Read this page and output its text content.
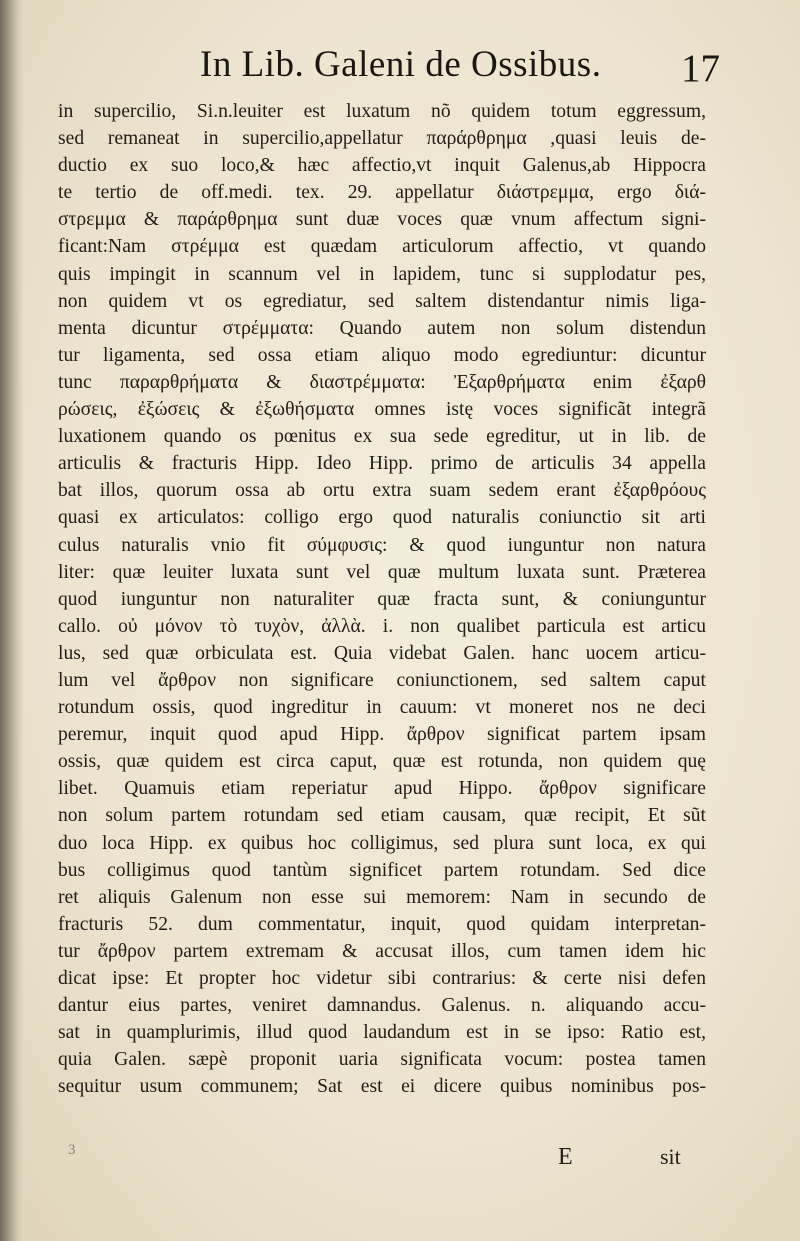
In Lib. Galeni de Ossibus. 17
in supercilio, Si.n.leuiter est luxatum nõ quidem totum eggressum,
sed remaneat in supercilio,appellatur παράρθρημα ,quasi leuis de-
ductio ex suo loco,& hæc affectio,vt inquit Galenus,ab Hippocra
te tertio de off.medi. tex. 29. appellatur διάστρεμμα, ergo διά-
στρεμμα & παράρθρημα sunt duæ voces quæ vnum affectum signi-
ficant:Nam στρέμμα est quædam articulorum affectio, vt quando
quis impingit in scannum vel in lapidem, tunc si supplodatur pes,
non quidem vt os egrediatur, sed saltem distendantur nimis liga-
menta dicuntur στρέμματα: Quando autem non solum distendun
tur ligamenta, sed ossa etiam aliquo modo egrediuntur: dicuntur
tunc παραρθρήματα & διαστρέμματα: Ἐξαρθρήματα enim ἐξαρθ
ρώσεις, ἐξώσεις & ἐξωθήσματα omnes istę voces significãt integrã
luxationem quando os pœnitus ex sua sede egreditur, ut in lib. de
articulis & fracturis Hipp. Ideo Hipp. primo de articulis 34 appella
bat illos, quorum ossa ab ortu extra suam sedem erant ἐξαρθρόους
quasi ex articulatos: colligo ergo quod naturalis coniunctio sit arti
culus naturalis vnio fit σύμφυσις: & quod iunguntur non natura
liter: quæ leuiter luxata sunt vel quæ multum luxata sunt. Præterea
quod iunguntur non naturaliter quæ fracta sunt, & coniunguntur
callo. οὐ μόνον τὸ τυχὸν, ἀλλὰ. i. non qualibet particula est articu
lus, sed quæ orbiculata est. Quia videbat Galen. hanc uocem articu-
lum vel ἄρθρον non significare coniunctionem, sed saltem caput
rotundum ossis, quod ingreditur in cauum: vt moneret nos ne deci
peremur, inquit quod apud Hipp. ἄρθρον significat partem ipsam
ossis, quæ quidem est circa caput, quæ est rotunda, non quidem quę
libet. Quamuis etiam reperiatur apud Hippo. ἄρθρον significare
non solum partem rotundam sed etiam causam, quæ recipit, Et sũt
duo loca Hipp. ex quibus hoc colligimus, sed plura sunt loca, ex qui
bus colligimus quod tantùm significet partem rotundam. Sed dice
ret aliquis Galenum non esse sui memorem: Nam in secundo de
fracturis 52. dum commentatur, inquit, quod quidam interpretan-
tur ἄρθρον partem extremam & accusat illos, cum tamen idem hic
dicat ipse: Et propter hoc videtur sibi contrarius: & certe nisi defen
dantur eius partes, veniret damnandus. Galenus. n. aliquando accu-
sat in quamplurimis, illud quod laudandum est in se ipso: Ratio est,
quia Galen. sæpè proponit uaria significata vocum: postea tamen
sequitur usum communem; Sat est ei dicere quibus nominibus pos-
3	E	sit
